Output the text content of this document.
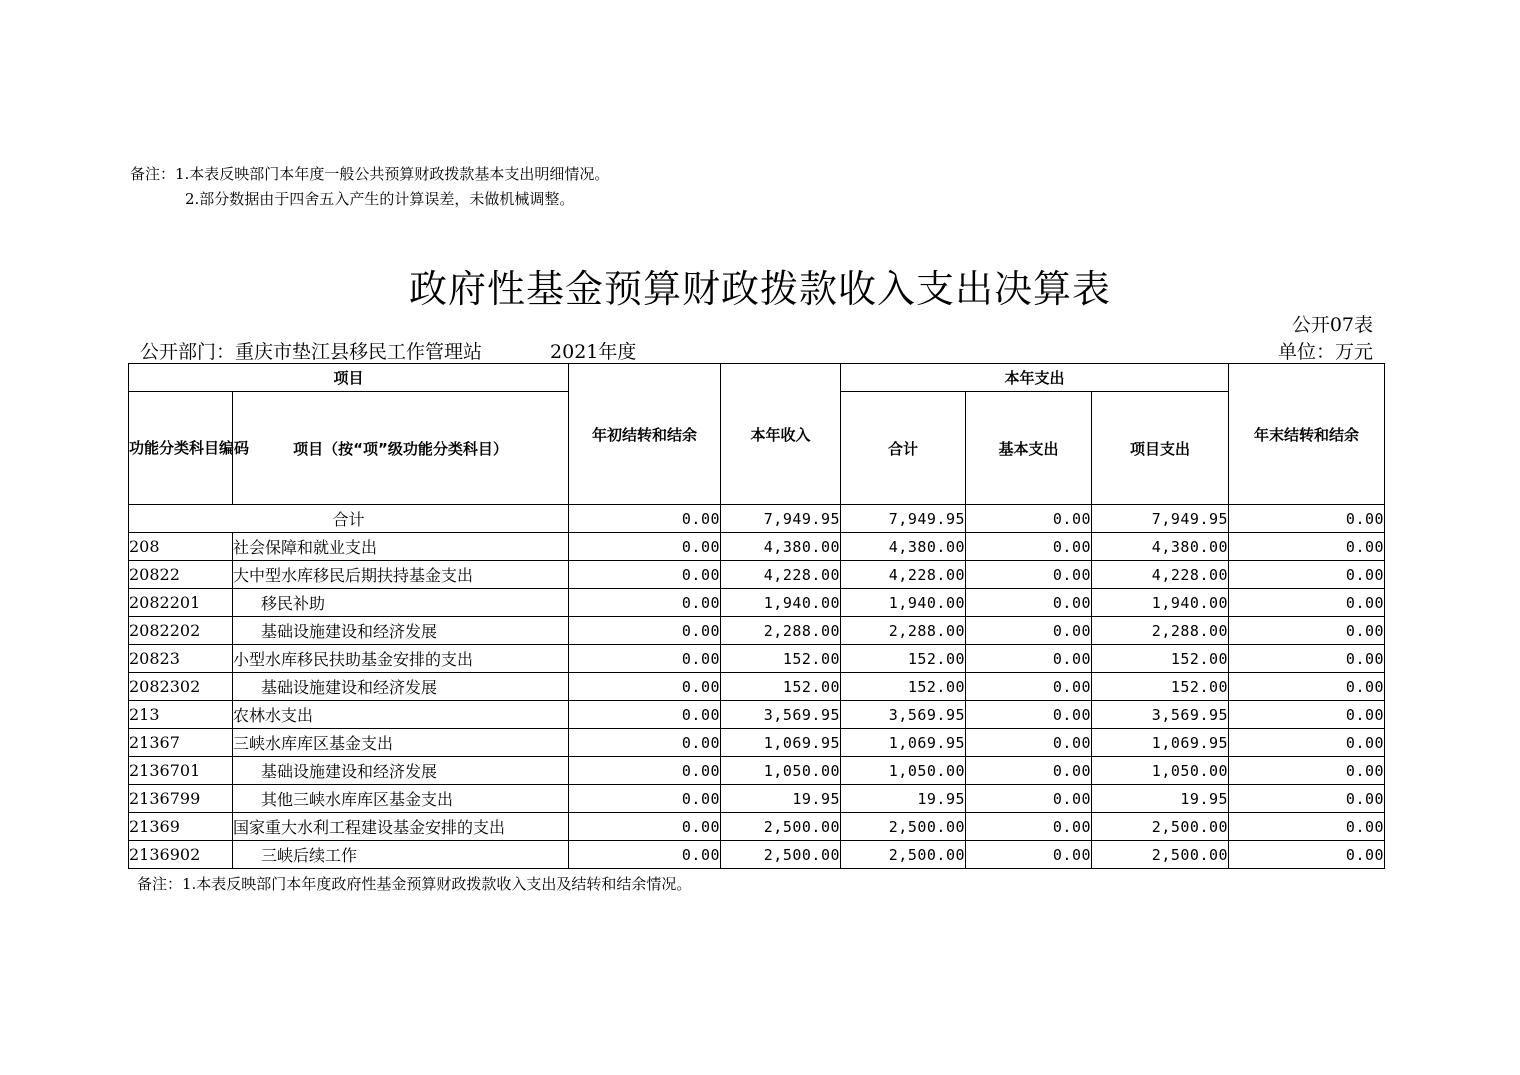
备注：1.本表反映部门本年度一般公共预算财政拨款基本支出明细情况。
2.部分数据由于四舍五入产生的计算误差，未做机械调整。
政府性基金预算财政拨款收入支出决算表
公开07表
公开部门：重庆市垫江县移民工作管理站	2021年度	单位：万元
项目		年初结转和结余	本年收入	本年支出			年末结转和结余
功能分类科目编码	项目（按“项”级功能分类科目）			合计	基本支出	项目支出	
合计		0.00	7,949.95	7,949.95	0.00	7,949.95	0.00
208	社会保障和就业支出	0.00	4,380.00	4,380.00	0.00	4,380.00	0.00
20822	大中型水库移民后期扶持基金支出	0.00	4,228.00	4,228.00	0.00	4,228.00	0.00
2082201	移民补助	0.00	1,940.00	1,940.00	0.00	1,940.00	0.00
2082202	基础设施建设和经济发展	0.00	2,288.00	2,288.00	0.00	2,288.00	0.00
20823	小型水库移民扶助基金安排的支出	0.00	152.00	152.00	0.00	152.00	0.00
2082302	基础设施建设和经济发展	0.00	152.00	152.00	0.00	152.00	0.00
213	农林水支出	0.00	3,569.95	3,569.95	0.00	3,569.95	0.00
21367	三峡水库库区基金支出	0.00	1,069.95	1,069.95	0.00	1,069.95	0.00
2136701	基础设施建设和经济发展	0.00	1,050.00	1,050.00	0.00	1,050.00	0.00
2136799	其他三峡水库库区基金支出	0.00	19.95	19.95	0.00	19.95	0.00
21369	国家重大水利工程建设基金安排的支出	0.00	2,500.00	2,500.00	0.00	2,500.00	0.00
2136902	三峡后续工作	0.00	2,500.00	2,500.00	0.00	2,500.00	0.00
备注：1.本表反映部门本年度政府性基金预算财政拨款收入支出及结转和结余情况。
